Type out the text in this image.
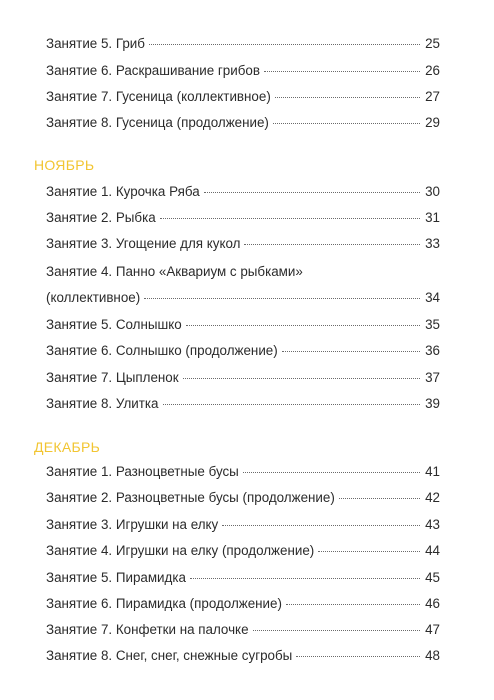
Занятие 5. Гриб	25
Занятие 6. Раскрашивание грибов	26
Занятие 7. Гусеница (коллективное)	27
Занятие 8. Гусеница (продолжение)	29
НОЯБРЬ
Занятие 1. Курочка Ряба	30
Занятие 2. Рыбка	31
Занятие 3. Угощение для кукол	33
Занятие 4. Панно «Аквариум с рыбками»
(коллективное)	34
Занятие 5. Солнышко	35
Занятие 6. Солнышко (продолжение)	36
Занятие 7. Цыпленок	37
Занятие 8. Улитка	39
ДЕКАБРЬ
Занятие 1. Разноцветные бусы	41
Занятие 2. Разноцветные бусы (продолжение)	42
Занятие 3. Игрушки на елку	43
Занятие 4. Игрушки на елку (продолжение)	44
Занятие 5. Пирамидка	45
Занятие 6. Пирамидка (продолжение)	46
Занятие 7. Конфетки на палочке	47
Занятие 8. Снег, снег, снежные сугробы	48
